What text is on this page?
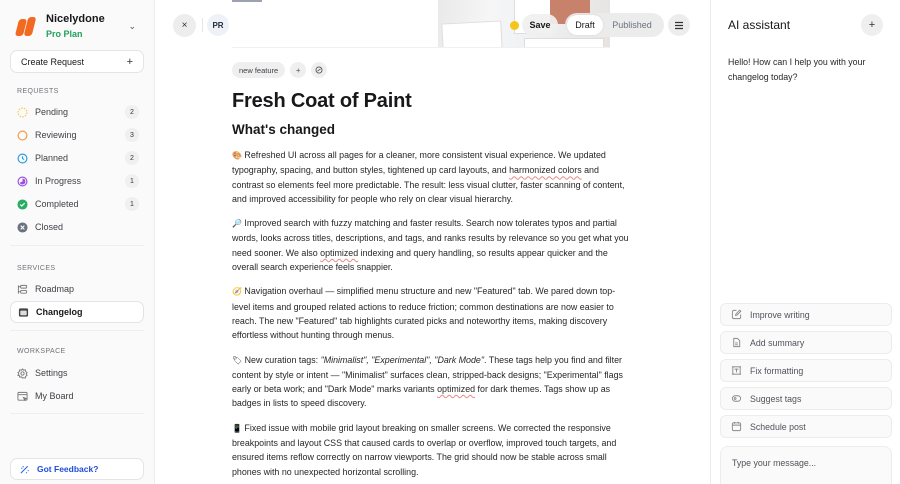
Nicelydone
Pro Plan
⌄
Create Request	+
REQUESTS
Pending	2
Reviewing	3
Planned	2
In Progress	1
Completed	1
Closed
SERVICES
Roadmap
Changelog
WORKSPACE
Settings
My Board
Got Feedback?
×	PR	Save	Draft	Published
new feature	+
Fresh Coat of Paint
What's changed

🎨 Refreshed UI across all pages for a cleaner, more consistent visual experience. We updated typography, spacing, and button styles, tightened up card layouts, and harmonized colors and contrast so elements feel more predictable. The result: less visual clutter, faster scanning of content, and improved accessibility for people who rely on clear visual hierarchy.

🔎 Improved search with fuzzy matching and faster results. Search now tolerates typos and partial words, looks across titles, descriptions, and tags, and ranks results by relevance so you get what you need sooner. We also optimized indexing and query handling, so results appear quicker and the overall search experience feels snappier.

🧭 Navigation overhaul — simplified menu structure and new "Featured" tab. We pared down top-level items and grouped related actions to reduce friction; common destinations are now easier to reach. The new "Featured" tab highlights curated picks and noteworthy items, making discovery effortless without hunting through menus.

🏷 New curation tags: "Minimalist", "Experimental", "Dark Mode". These tags help you find and filter content by style or intent — "Minimalist" surfaces clean, stripped-back designs; "Experimental" flags early or beta work; and "Dark Mode" marks variants optimized for dark themes. Tags show up as badges in lists to speed discovery.

📱 Fixed issue with mobile grid layout breaking on smaller screens. We corrected the responsive breakpoints and layout CSS that caused cards to overlap or overflow, improved touch targets, and ensured items reflow correctly on narrow viewports. The grid should now be stable across small phones with no unexpected horizontal scrolling.

AI assistant	+
Hello! How can I help you with your changelog today?
Improve writing
Add summary
Fix formatting
Suggest tags
Schedule post
Type your message...
